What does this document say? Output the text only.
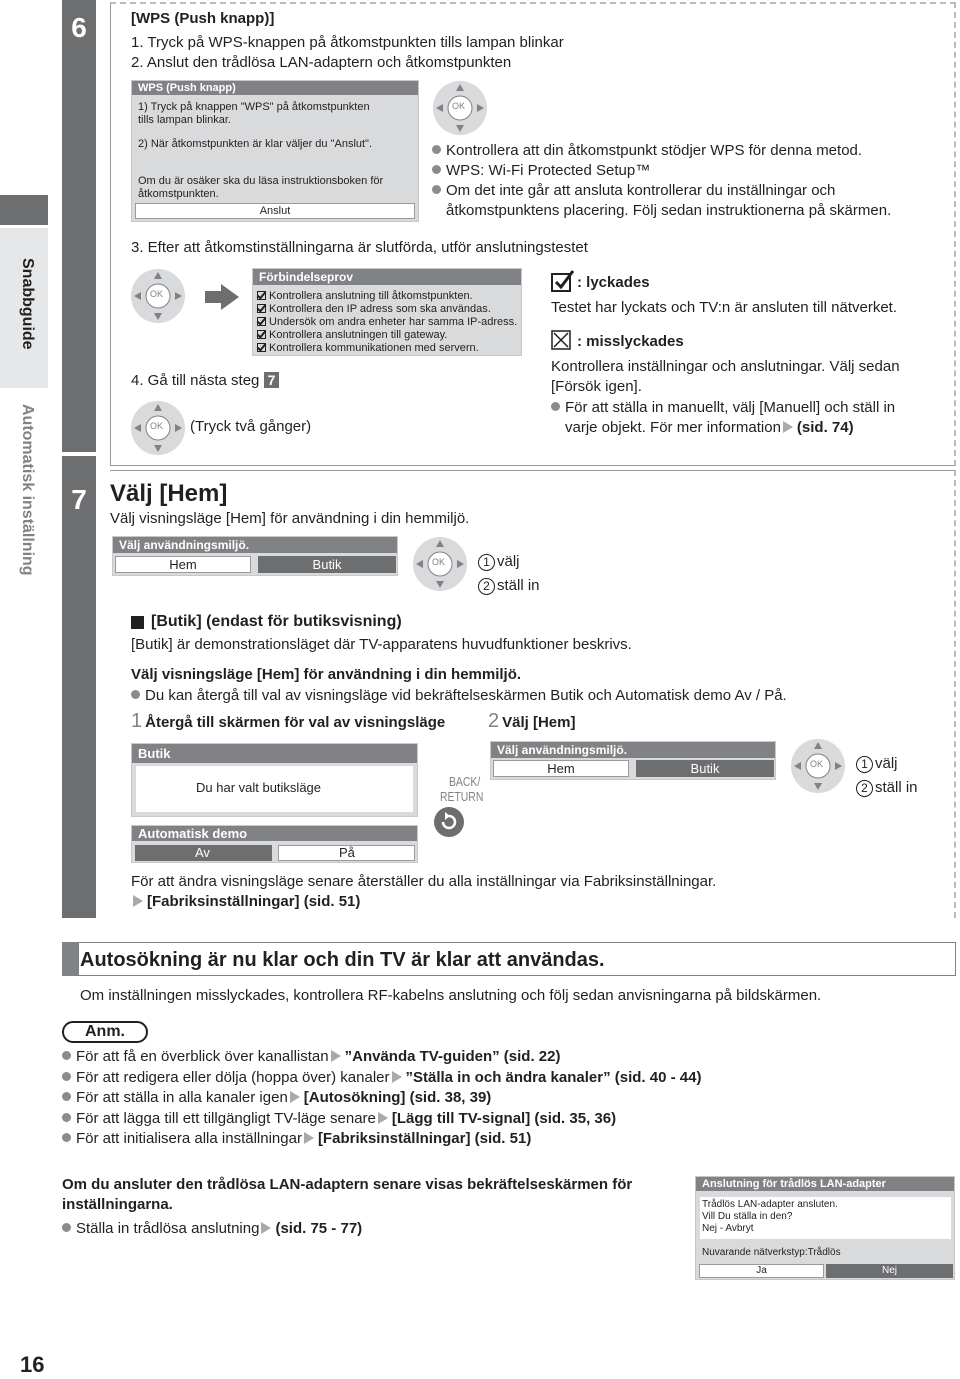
Snabbguide
Automatisk inställning
6
7
[WPS (Push knapp)]
1. Tryck på WPS-knappen på åtkomstpunkten tills lampan blinkar
2. Anslut den trådlösa LAN-adaptern och åtkomstpunkten
WPS (Push knapp)
1) Tryck på knappen "WPS" på åtkomstpunkten
tills lampan blinkar.
2) När åtkomstpunkten är klar väljer du "Anslut".
Om du är osäker ska du läsa instruktionsboken för
åtkomstpunkten.
Anslut
OK
Kontrollera att din åtkomstpunkt stödjer WPS för denna metod.
WPS: Wi-Fi Protected Setup™
Om det inte går att ansluta kontrollerar du inställningar och
åtkomstpunktens placering. Följ sedan instruktionerna på skärmen.
3. Efter att åtkomstinställningarna är slutförda, utför anslutningstestet
OK
Förbindelseprov
Kontrollera anslutning till åtkomstpunkten.
Kontrollera den IP adress som ska användas.
Undersök om andra enheter har samma IP-adress.
Kontrollera anslutningen till gateway.
Kontrollera kommunikationen med servern.
: lyckades
Testet har lyckats och TV:n är ansluten till nätverket.
: misslyckades
Kontrollera inställningar och anslutningar. Välj sedan
[Försök igen].
För att ställa in manuellt, välj [Manuell] och ställ in
varje objekt. För mer information (sid. 74)
4. Gå till nästa steg 7
OK (Tryck två gånger)
Välj [Hem]
Välj visningsläge [Hem] för användning i din hemmiljö.
Välj användningsmiljö.
Hem	Butik	OK	1 välj
2 ställ in
[Butik] (endast för butiksvisning)
[Butik] är demonstrationsläget där TV-apparatens huvudfunktioner beskrivs.
Välj visningsläge [Hem] för användning i din hemmiljö.
Du kan återgå till val av visningsläge vid bekräftelseskärmen Butik och Automatisk demo Av / På.
1 Återgå till skärmen för val av visningsläge 2 Välj [Hem]
Butik
Du har valt butiksläge
Automatisk demo
Av	På
BACK/
RETURN
Välj användningsmiljö.
Hem	Butik	OK	1 välj
2 ställ in
För att ändra visningsläge senare återställer du alla inställningar via Fabriksinställningar.
[Fabriksinställningar] (sid. 51)
Autosökning är nu klar och din TV är klar att användas.
Om inställningen misslyckades, kontrollera RF-kabelns anslutning och följ sedan anvisningarna på bildskärmen.
Anm.
För att få en överblick över kanallistan ”Använda TV-guiden” (sid. 22)
För att redigera eller dölja (hoppa över) kanaler ”Ställa in och ändra kanaler” (sid. 40 - 44)
För att ställa in alla kanaler igen [Autosökning] (sid. 38, 39)
För att lägga till ett tillgängligt TV-läge senare [Lägg till TV-signal] (sid. 35, 36)
För att initialisera alla inställningar [Fabriksinställningar] (sid. 51)
Om du ansluter den trådlösa LAN-adaptern senare visas bekräftelseskärmen för
inställningarna.
Ställa in trådlösa anslutning (sid. 75 - 77)
Anslutning för trådlös LAN-adapter
Trådlös LAN-adapter ansluten.
Vill Du ställa in den?
Nej - Avbryt
Nuvarande nätverkstyp:Trådlös
Ja	Nej
16
